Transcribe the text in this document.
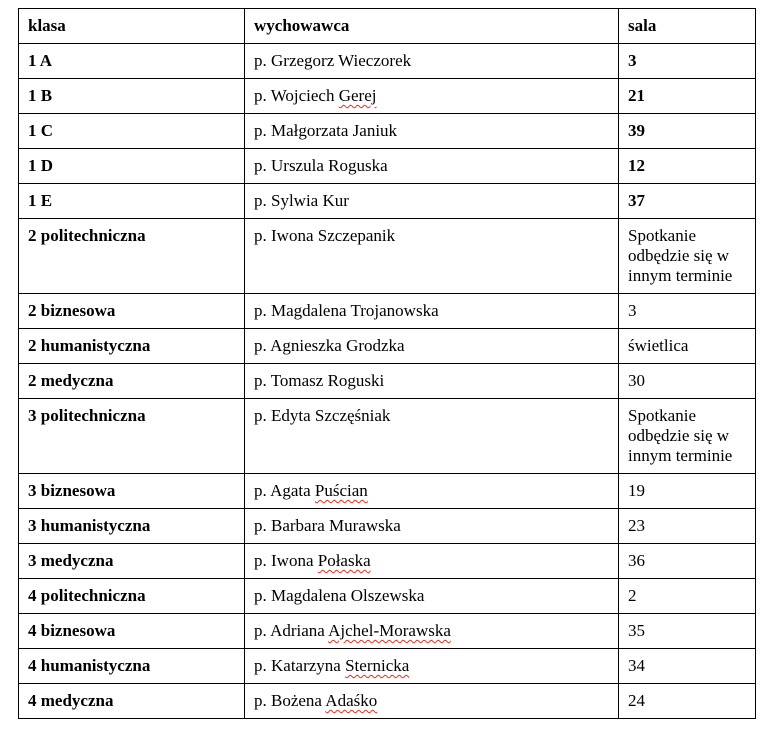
klasa	wychowawca	sala
1 A	p. Grzegorz Wieczorek	3
1 B	p. Wojciech Gerej	21
1 C	p. Małgorzata Janiuk	39
1 D	p. Urszula Roguska	12
1 E	p. Sylwia Kur	37
2 politechniczna	p. Iwona Szczepanik	Spotkanie odbędzie się w innym terminie
2 biznesowa	p. Magdalena Trojanowska	3
2 humanistyczna	p. Agnieszka Grodzka	świetlica
2 medyczna	p. Tomasz Roguski	30
3 politechniczna	p. Edyta Szczęśniak	Spotkanie odbędzie się w innym terminie
3 biznesowa	p. Agata Puścian	19
3 humanistyczna	p. Barbara Murawska	23
3 medyczna	p. Iwona Połaska	36
4 politechniczna	p. Magdalena Olszewska	2
4 biznesowa	p. Adriana Ajchel-Morawska	35
4 humanistyczna	p. Katarzyna Sternicka	34
4 medyczna	p. Bożena Adaśko	24
